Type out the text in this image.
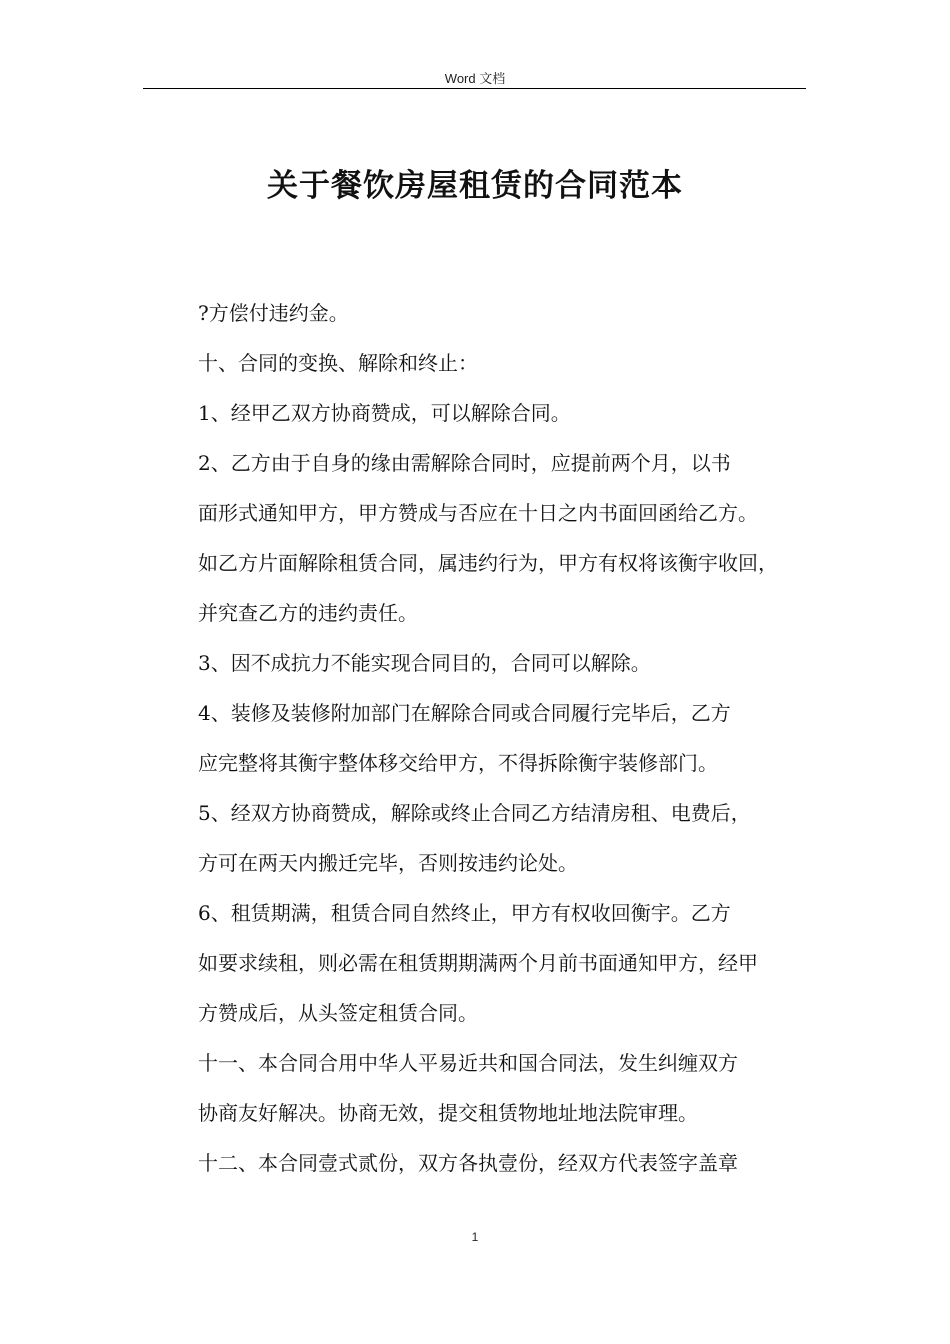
Word 文档
关于餐饮房屋租赁的合同范本

?方偿付违约金。

十、合同的变换、解除和终止：

1、经甲乙双方协商赞成，可以解除合同。

2、乙方由于自身的缘由需解除合同时，应提前两个月，以书
面形式通知甲方，甲方赞成与否应在十日之内书面回函给乙方。
如乙方片面解除租赁合同，属违约行为，甲方有权将该衡宇收回，
并究查乙方的违约责任。

3、因不成抗力不能实现合同目的，合同可以解除。

4、装修及装修附加部门在解除合同或合同履行完毕后，乙方
应完整将其衡宇整体移交给甲方，不得拆除衡宇装修部门。

5、经双方协商赞成，解除或终止合同乙方结清房租、电费后，
方可在两天内搬迁完毕，否则按违约论处。

6、租赁期满，租赁合同自然终止，甲方有权收回衡宇。乙方
如要求续租，则必需在租赁期期满两个月前书面通知甲方，经甲
方赞成后，从头签定租赁合同。

十一、本合同合用中华人平易近共和国合同法，发生纠缠双方
协商友好解决。协商无效，提交租赁物地址地法院审理。

十二、本合同壹式贰份，双方各执壹份，经双方代表签字盖章

1
